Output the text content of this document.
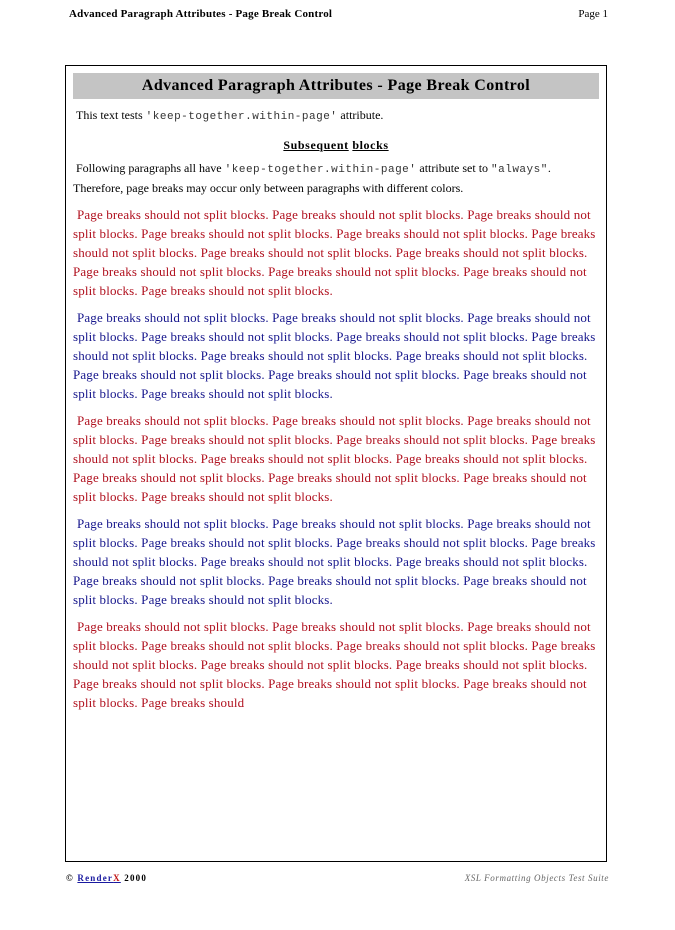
Advanced Paragraph Attributes - Page Break Control	Page 1
Advanced Paragraph Attributes - Page Break Control
This text tests 'keep-together.within-page' attribute.
Subsequent blocks
Following paragraphs all have 'keep-together.within-page' attribute set to "always".
Therefore, page breaks may occur only between paragraphs with different colors.
Page breaks should not split blocks. Page breaks should not split blocks. Page breaks should not split blocks. Page breaks should not split blocks. Page breaks should not split blocks. Page breaks should not split blocks. Page breaks should not split blocks. Page breaks should not split blocks. Page breaks should not split blocks. Page breaks should not split blocks. Page breaks should not split blocks. Page breaks should not split blocks.
Page breaks should not split blocks. Page breaks should not split blocks. Page breaks should not split blocks. Page breaks should not split blocks. Page breaks should not split blocks. Page breaks should not split blocks. Page breaks should not split blocks. Page breaks should not split blocks. Page breaks should not split blocks. Page breaks should not split blocks. Page breaks should not split blocks. Page breaks should not split blocks.
Page breaks should not split blocks. Page breaks should not split blocks. Page breaks should not split blocks. Page breaks should not split blocks. Page breaks should not split blocks. Page breaks should not split blocks. Page breaks should not split blocks. Page breaks should not split blocks. Page breaks should not split blocks. Page breaks should not split blocks. Page breaks should not split blocks. Page breaks should not split blocks.
Page breaks should not split blocks. Page breaks should not split blocks. Page breaks should not split blocks. Page breaks should not split blocks. Page breaks should not split blocks. Page breaks should not split blocks. Page breaks should not split blocks. Page breaks should not split blocks. Page breaks should not split blocks. Page breaks should not split blocks. Page breaks should not split blocks. Page breaks should not split blocks.
Page breaks should not split blocks. Page breaks should not split blocks. Page breaks should not split blocks. Page breaks should not split blocks. Page breaks should not split blocks. Page breaks should not split blocks. Page breaks should not split blocks. Page breaks should not split blocks. Page breaks should not split blocks. Page breaks should not split blocks. Page breaks should not split blocks. Page breaks should
© RenderX 2000	XSL Formatting Objects Test Suite
